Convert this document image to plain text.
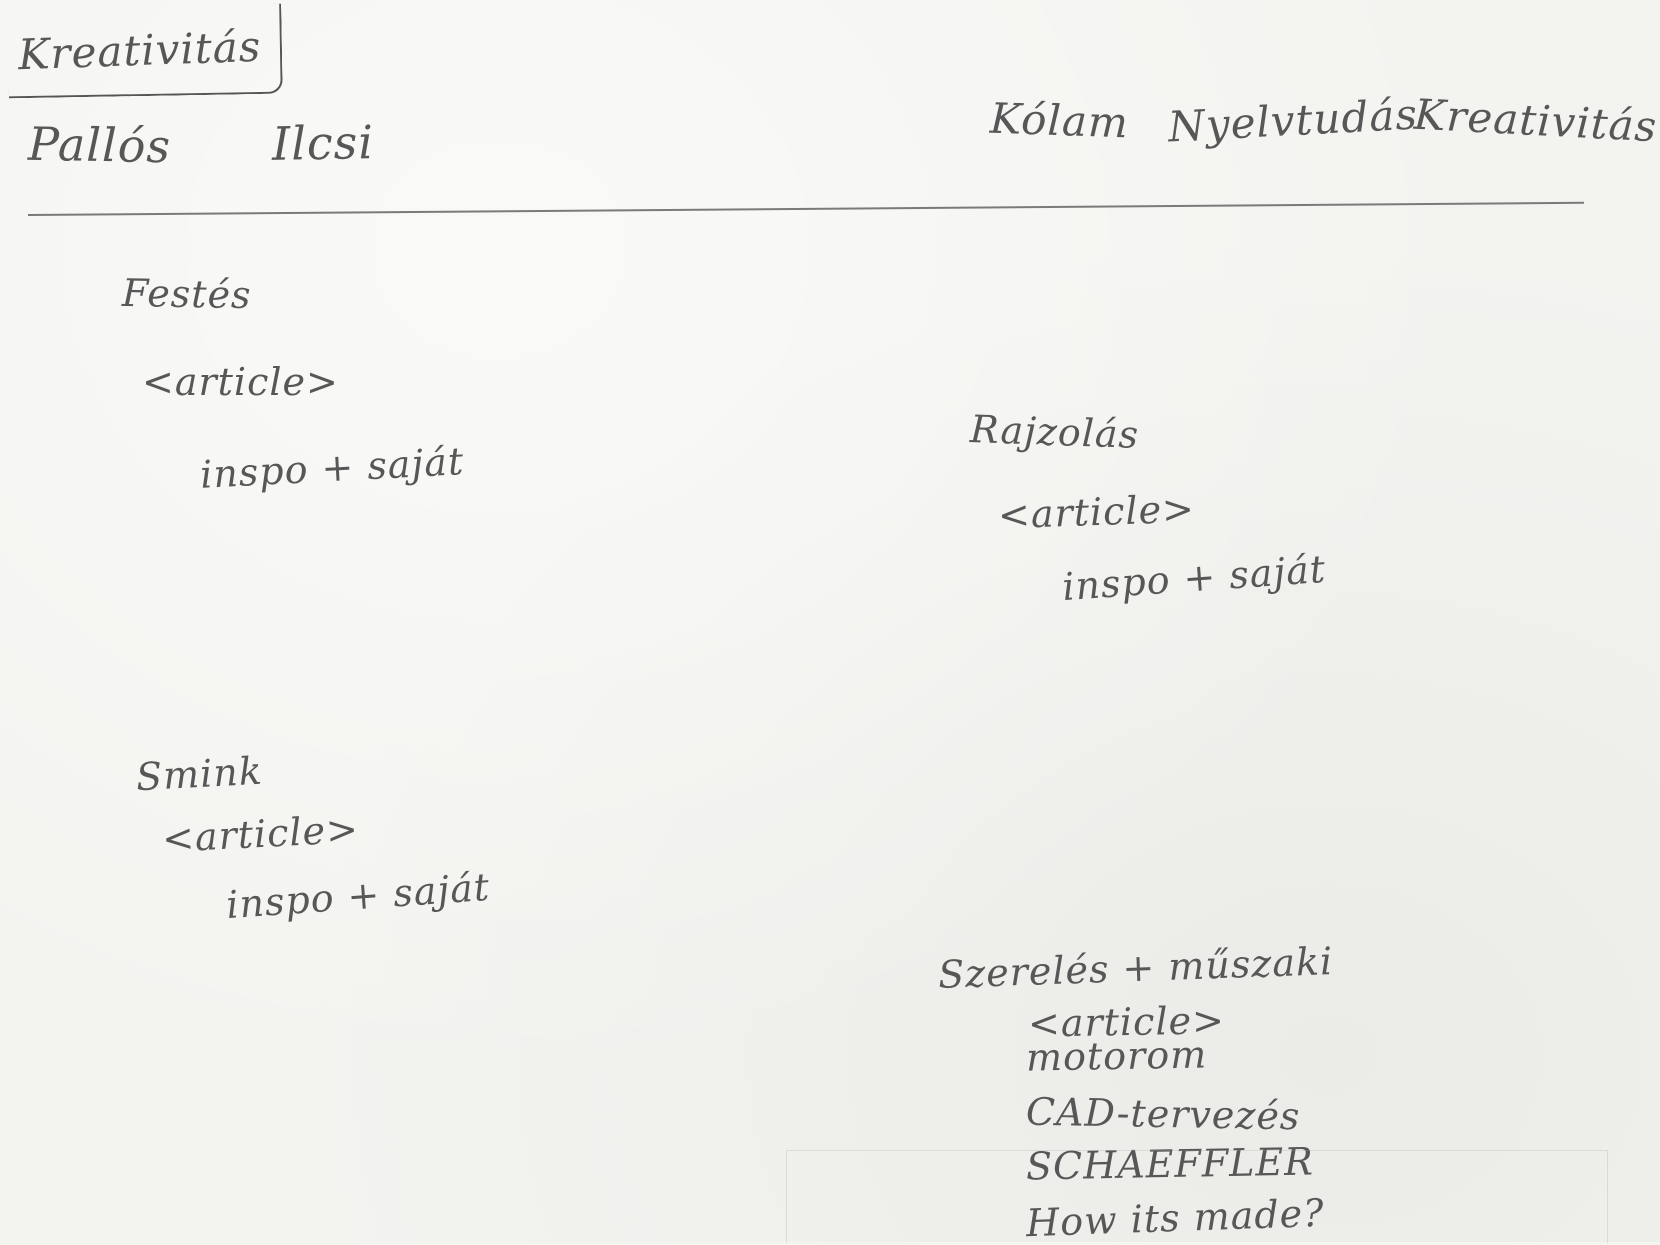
Kreativitás
Pallós Ilcsi	Kólam Nyelvtudás
Kreativitás
Festés
<article>
inspo + saját
Rajzolás
<article>
inspo + saját
Smink
<article>
inspo + saját
Szerelés + műszaki
<article>
motorom
CAD-tervezés
SCHAEFFLER
How its made?
